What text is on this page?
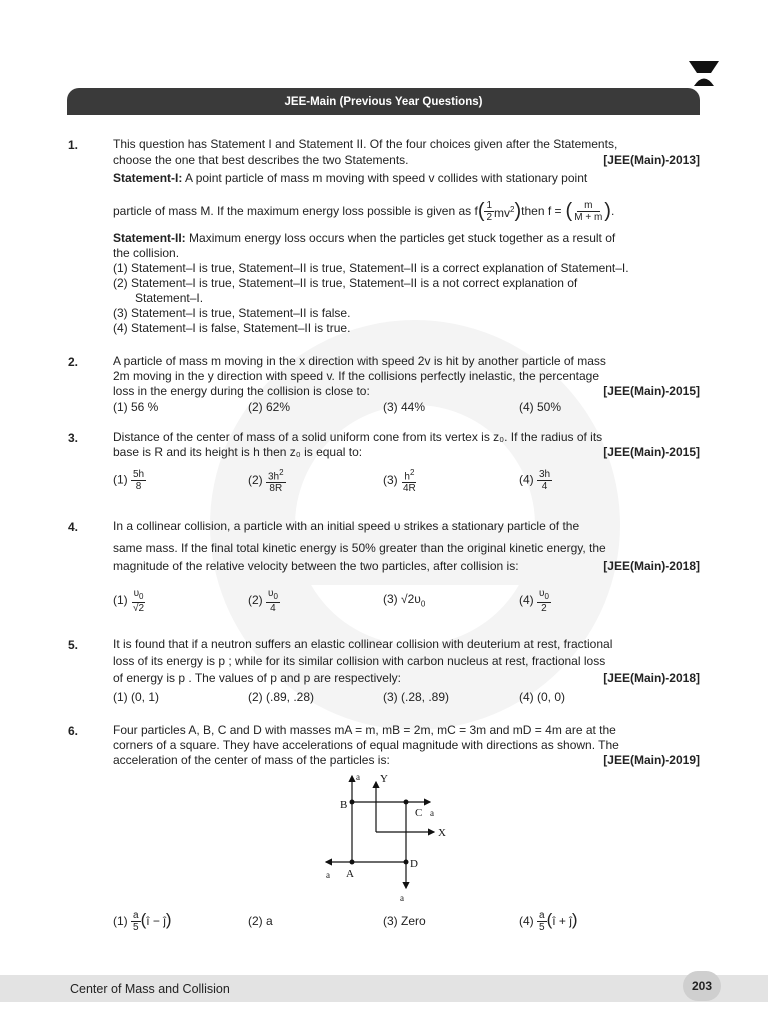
JEE-Main (Previous Year Questions)
1.	This question has Statement I and Statement II. Of the four choices given after the Statements,
choose the one that best describes the two Statements.	[JEE(Main)-2013]
Statement-I: A point particle of mass m moving with speed v collides with stationary point
particle of mass M. If the maximum energy loss possible is given as f ( $\frac{1}{2} mv^2$ ) then f = ( $\frac{m}{M + m}$ ) .
Statement-II: Maximum energy loss occurs when the particles get stuck together as a result of
the collision.
(1) Statement–I is true, Statement–II is true, Statement–II is a correct explanation of Statement–I.
(2) Statement–I is true, Statement–II is true, Statement–II is a not correct explanation of
Statement–I.
(3) Statement–I is true, Statement–II is false.
(4) Statement–I is false, Statement–II is true.
2.	A particle of mass m moving in the x direction with speed 2v is hit by another particle of mass
2m moving in the y direction with speed v. If the collisions perfectly inelastic, the percentage
loss in the energy during the collision is close to:	[JEE(Main)-2015]
(1) 56 %	(2) 62%	(3) 44%	(4) 50%
3.	Distance of the center of mass of a solid uniform cone from its vertex is z₀. If the radius of its
base is R and its height is h then z₀ is equal to:	[JEE(Main)-2015]
$(1) \frac{5h}{8}$	$(2) \frac{3h^2}{8R}$	$(3) \frac{h^2}{4R}$	$(4) \frac{3h}{4}$
4.	In a collinear collision, a particle with an initial speed υ strikes a stationary particle of the
same mass. If the final total kinetic energy is 50% greater than the original kinetic energy, the
magnitude of the relative velocity between the two particles, after collision is:	[JEE(Main)-2018]
$(1) \frac{\upsilon_0}{√2}$	$(2) \frac{\upsilon_0}{4}$	(3) $√2\upsilon_0$	$(4) \frac{\upsilon_0}{2}$
5.	It is found that if a neutron suffers an elastic collinear collision with deuterium at rest, fractional
loss of its energy is p ; while for its similar collision with carbon nucleus at rest, fractional loss
of energy is p . The values of p and p are respectively:	[JEE(Main)-2018]
(1) (0, 1)	(2) (.89, .28)	(3) (.28, .89)	(4) (0, 0)
6.	Four particles A, B, C and D with masses mA = m, mB = 2m, mC = 3m and mD = 4m are at the
corners of a square. They have accelerations of equal magnitude with directions as shown. The
acceleration of the center of mass of the particles is:	[JEE(Main)-2019]
B
C
D
A
Y
X
a
a
a
a
$(1) \frac{a}{5}$ (î − ĵ)	(2) a	(3) Zero	$(4) \frac{a}{5}$ (î + ĵ)
Center of Mass and Collision	203
